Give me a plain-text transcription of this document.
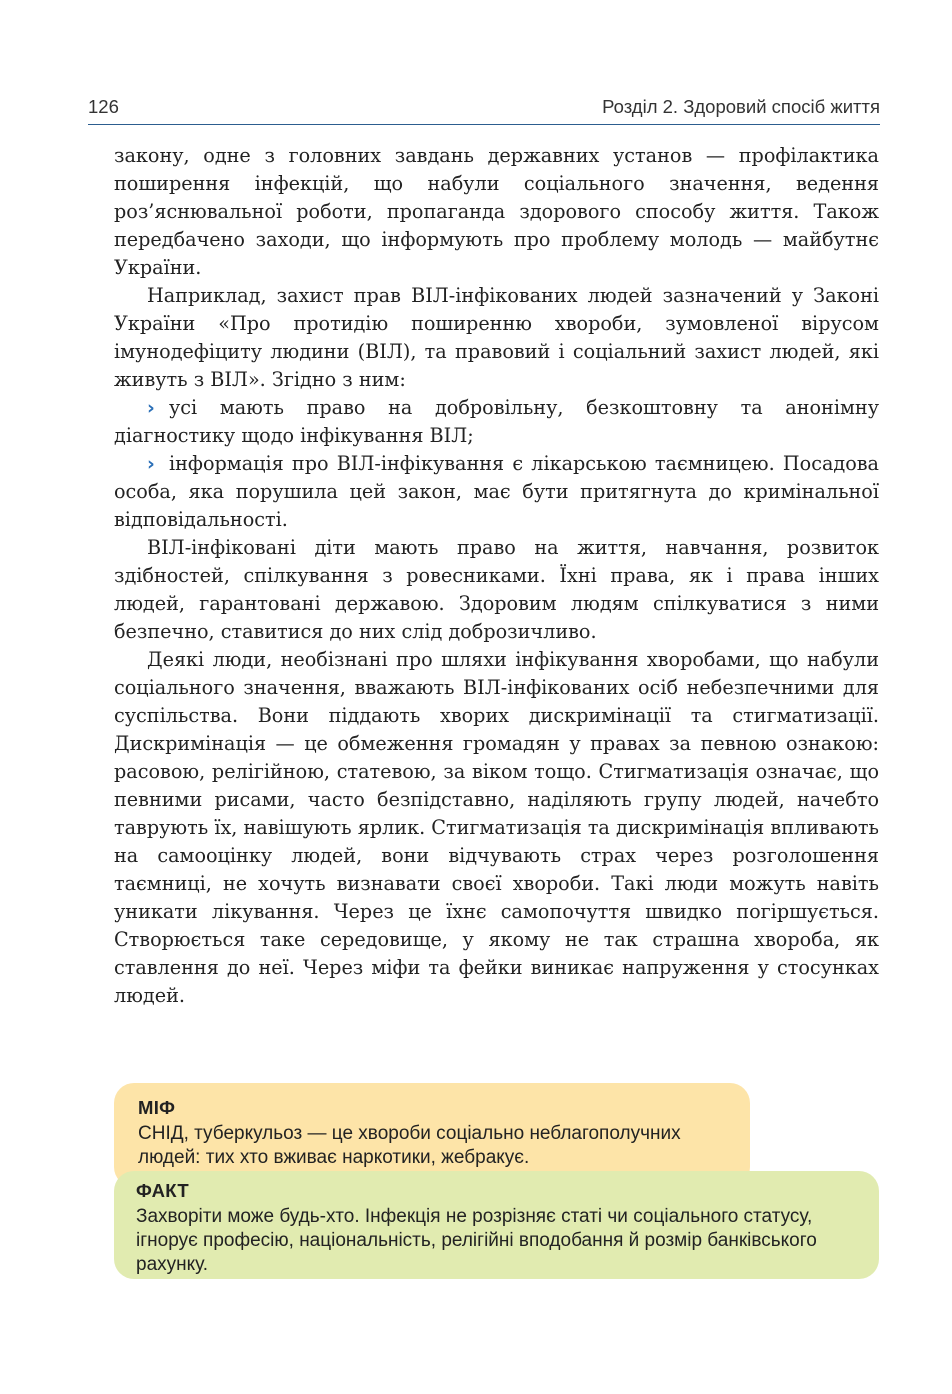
126	Розділ 2. Здоровий спосіб життя

закону, одне з головних завдань державних установ — профілактика поширення інфекцій, що набули соціального значення, ведення роз’яснювальної роботи, пропаганда здорового способу життя. Також передбачено заходи, що інформують про проблему молодь — майбутнє України.

Наприклад, захист прав ВІЛ-інфікованих людей зазначений у Законі України «Про протидію поширенню хвороби, зумовленої вірусом імунодефіциту людини (ВІЛ), та правовий і соціальний захист людей, які живуть з ВІЛ». Згідно з ним:

› усі мають право на добровільну, безкоштовну та анонімну діагностику щодо інфікування ВІЛ;

› інформація про ВІЛ-інфікування є лікарською таємницею. Посадова особа, яка порушила цей закон, має бути притягнута до кримінальної відповідальності.

ВІЛ-інфіковані діти мають право на життя, навчання, розвиток здібностей, спілкування з ровесниками. Їхні права, як і права інших людей, гарантовані державою. Здоровим людям спілкуватися з ними безпечно, ставитися до них слід доброзичливо.

Деякі люди, необізнані про шляхи інфікування хворобами, що набули соціального значення, вважають ВІЛ-інфікованих осіб небезпечними для суспільства. Вони піддають хворих дискримінації та стигматизації. Дискримінація — це обмеження громадян у правах за певною ознакою: расовою, релігійною, статевою, за віком тощо. Стигматизація означає, що певними рисами, часто безпідставно, наділяють групу людей, начебто таврують їх, навішують ярлик. Стигматизація та дискримінація впливають на самооцінку людей, вони відчувають страх через розголошення таємниці, не хочуть визнавати своєї хвороби. Такі люди можуть навіть уникати лікування. Через це їхнє самопочуття швидко погіршується. Створюється таке середовище, у якому не так страшна хвороба, як ставлення до неї. Через міфи та фейки виникає напруження у стосунках людей.

МІФ

СНІД, туберкульоз — це хвороби соціально неблагополучних людей: тих хто вживає наркотики, жебракує.

ФАКТ

Захворіти може будь-хто. Інфекція не розрізняє статі чи соціального статусу, ігнорує професію, національність, релігійні вподобання й розмір банківського рахунку.
